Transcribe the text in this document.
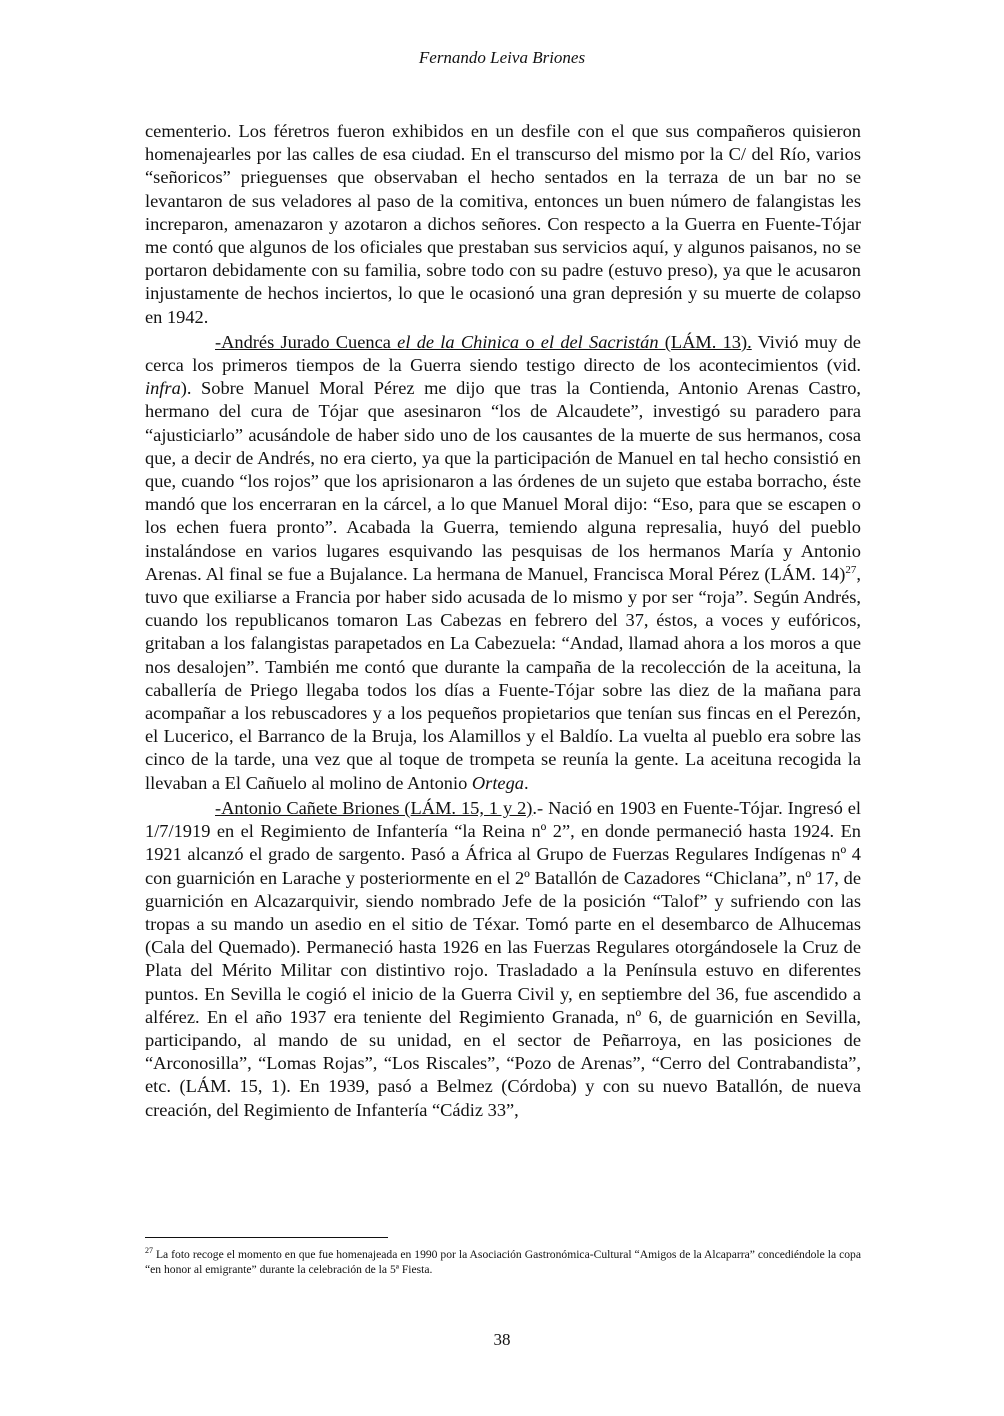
Fernando Leiva Briones

cementerio. Los féretros fueron exhibidos en un desfile con el que sus compañeros quisieron homenajearles por las calles de esa ciudad. En el transcurso del mismo por la C/ del Río, varios “señoricos” prieguenses que observaban el hecho sentados en la terraza de un bar no se levantaron de sus veladores al paso de la comitiva, entonces un buen número de falangistas les increparon, amenazaron y azotaron a dichos señores. Con respecto a la Guerra en Fuente-Tójar me contó que algunos de los oficiales que prestaban sus servicios aquí, y algunos paisanos, no se portaron debidamente con su familia, sobre todo con su padre (estuvo preso), ya que le acusaron injustamente de hechos inciertos, lo que le ocasionó una gran depresión y su muerte de colapso en 1942.

-Andrés Jurado Cuenca el de la Chinica o el del Sacristán (LÁM. 13). Vivió muy de cerca los primeros tiempos de la Guerra siendo testigo directo de los acontecimientos (vid. infra). Sobre Manuel Moral Pérez me dijo que tras la Contienda, Antonio Arenas Castro, hermano del cura de Tójar que asesinaron “los de Alcaudete”, investigó su paradero para “ajusticiarlo” acusándole de haber sido uno de los causantes de la muerte de sus hermanos, cosa que, a decir de Andrés, no era cierto, ya que la participación de Manuel en tal hecho consistió en que, cuando “los rojos” que los aprisionaron a las órdenes de un sujeto que estaba borracho, éste mandó que los encerraran en la cárcel, a lo que Manuel Moral dijo: “Eso, para que se escapen o los echen fuera pronto”. Acabada la Guerra, temiendo alguna represalia, huyó del pueblo instalándose en varios lugares esquivando las pesquisas de los hermanos María y Antonio Arenas. Al final se fue a Bujalance. La hermana de Manuel, Francisca Moral Pérez (LÁM. 14)$^{27}$, tuvo que exiliarse a Francia por haber sido acusada de lo mismo y por ser “roja”. Según Andrés, cuando los republicanos tomaron Las Cabezas en febrero del 37, éstos, a voces y eufóricos, gritaban a los falangistas parapetados en La Cabezuela: “Andad, llamad ahora a los moros a que nos desalojen”. También me contó que durante la campaña de la recolección de la aceituna, la caballería de Priego llegaba todos los días a Fuente-Tójar sobre las diez de la mañana para acompañar a los rebuscadores y a los pequeños propietarios que tenían sus fincas en el Perezón, el Lucerico, el Barranco de la Bruja, los Alamillos y el Baldío. La vuelta al pueblo era sobre las cinco de la tarde, una vez que al toque de trompeta se reunía la gente. La aceituna recogida la llevaban a El Cañuelo al molino de Antonio Ortega.

-Antonio Cañete Briones (LÁM. 15, 1 y 2).- Nació en 1903 en Fuente-Tójar. Ingresó el 1/7/1919 en el Regimiento de Infantería “la Reina nº 2”, en donde permaneció hasta 1924. En 1921 alcanzó el grado de sargento. Pasó a África al Grupo de Fuerzas Regulares Indígenas nº 4 con guarnición en Larache y posteriormente en el 2º Batallón de Cazadores “Chiclana”, nº 17, de guarnición en Alcazarquivir, siendo nombrado Jefe de la posición “Talof” y sufriendo con las tropas a su mando un asedio en el sitio de Téxar. Tomó parte en el desembarco de Alhucemas (Cala del Quemado). Permaneció hasta 1926 en las Fuerzas Regulares otorgándosele la Cruz de Plata del Mérito Militar con distintivo rojo. Trasladado a la Península estuvo en diferentes puntos. En Sevilla le cogió el inicio de la Guerra Civil y, en septiembre del 36, fue ascendido a alférez. En el año 1937 era teniente del Regimiento Granada, nº 6, de guarnición en Sevilla, participando, al mando de su unidad, en el sector de Peñarroya, en las posiciones de “Arconosilla”, “Lomas Rojas”, “Los Riscales”, “Pozo de Arenas”, “Cerro del Contrabandista”, etc. (LÁM. 15, 1). En 1939, pasó a Belmez (Córdoba) y con su nuevo Batallón, de nueva creación, del Regimiento de Infantería “Cádiz 33”,

$^{27}$ La foto recoge el momento en que fue homenajeada en 1990 por la Asociación Gastronómica-Cultural “Amigos de la Alcaparra” concediéndole la copa “en honor al emigrante” durante la celebración de la 5ª Fiesta.
38
